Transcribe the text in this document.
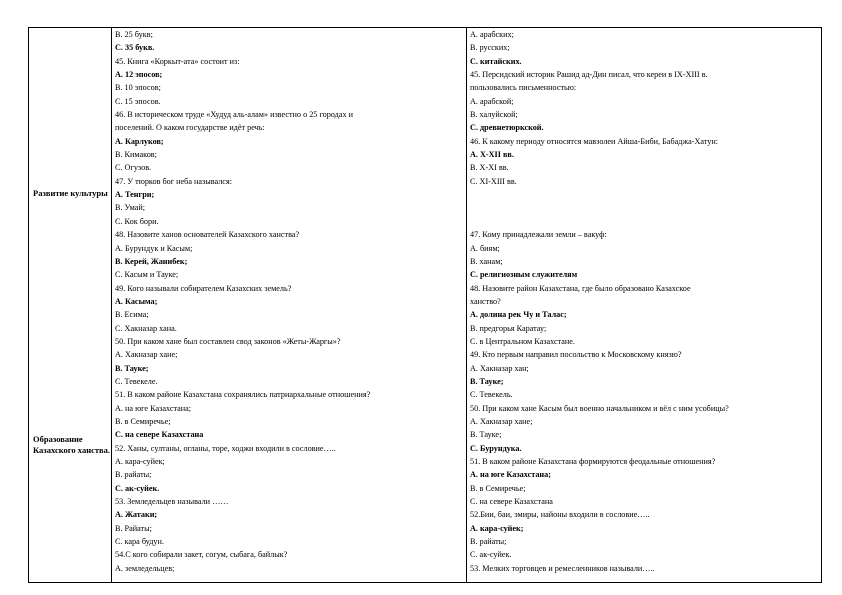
Развитие культуры
Образование Казахского ханства.

B. 25 букв;
C. 35 букв.
45. Книга «Коркыт-ата» состоит из:
A. 12 эпосов;
B. 10 эпосов;
C. 15 эпосов.
46. В историческом труде «Худуд аль-алам» известно о 25 городах и
поселений. О каком государстве идёт речь:
A. Карлуков;
B. Кимаков;
C. Огузов.
47. У тюрков бог неба назывался:
A. Тенгри;
B. Умай;
C. Кок бори.
48. Назовите ханов основателей Казахского ханства?
A. Бурундук и Касым;
B. Керей, Жанибек;
C. Касым и Тауке;
49. Кого называли собирателем Казахских земель?
A. Касыма;
B. Есима;
C. Хакназар хана.
50. При каком хане был составлен свод законов «Жеты-Жаргы»?
A. Хакназар хане;
B. Тауке;
C. Тевекеле.
51. В каком районе Казахстана сохранялись патриархальные отношения?
A. на юге Казахстана;
B. в Семиречье;
C. на севере Казахстана
52. Ханы, султаны, огланы, торе, ходжи входили в сословие…..
A. кара-суйек;
B. райаты;
C. ак-суйек.
53. Земледельцев называли ……
A. Жатаки;
B. Райаты;
C. кара будун.
54.С кого собирали закет, согум, сыбага, байлык?
A. земледельцев;

A. арабских;
B. русских;
C. китайских.
45. Персидский историк Рашид ад-Дин писал, что кереи в IX-XIII в.
пользовались письменностью:
A. арабской;
B. халуйской;
C. древнетюркской.
46. К какому периоду относятся мавзолеи Айша-Биби, Бабаджа-Хатун:
A. X-XII вв.
B. X-XI вв.
C. XI-XIII вв.
47. Кому принадлежали земли – вакуф:
A. биям;
B. ханам;
C. религиозным служителям
48. Назовите район Казахстана, где было образовано Казахское
ханство?
A. долина рек Чу и Талас;
B. предгорья Каратау;
C. в Центральном Казахстане.
49. Кто первым направил посольство к Московскому князю?
A. Хакназар хан;
B. Тауке;
C. Тевекель.
50. При каком хане Касым был военно начальником и вёл с ним усобицы?
A. Хакназар хане;
B. Тауке;
C. Бурундука.
51. В каком районе Казахстана формируются феодальные отношения?
A. на юге Казахстана;
B. в Семиречье;
C. на севере Казахстана
52.Бии, баи, эмиры, найоны входили в сословие…..
A. кара-суйек;
B. райаты;
C. ак-суйек.
53. Мелких торговцев и ремесленников называли…..
